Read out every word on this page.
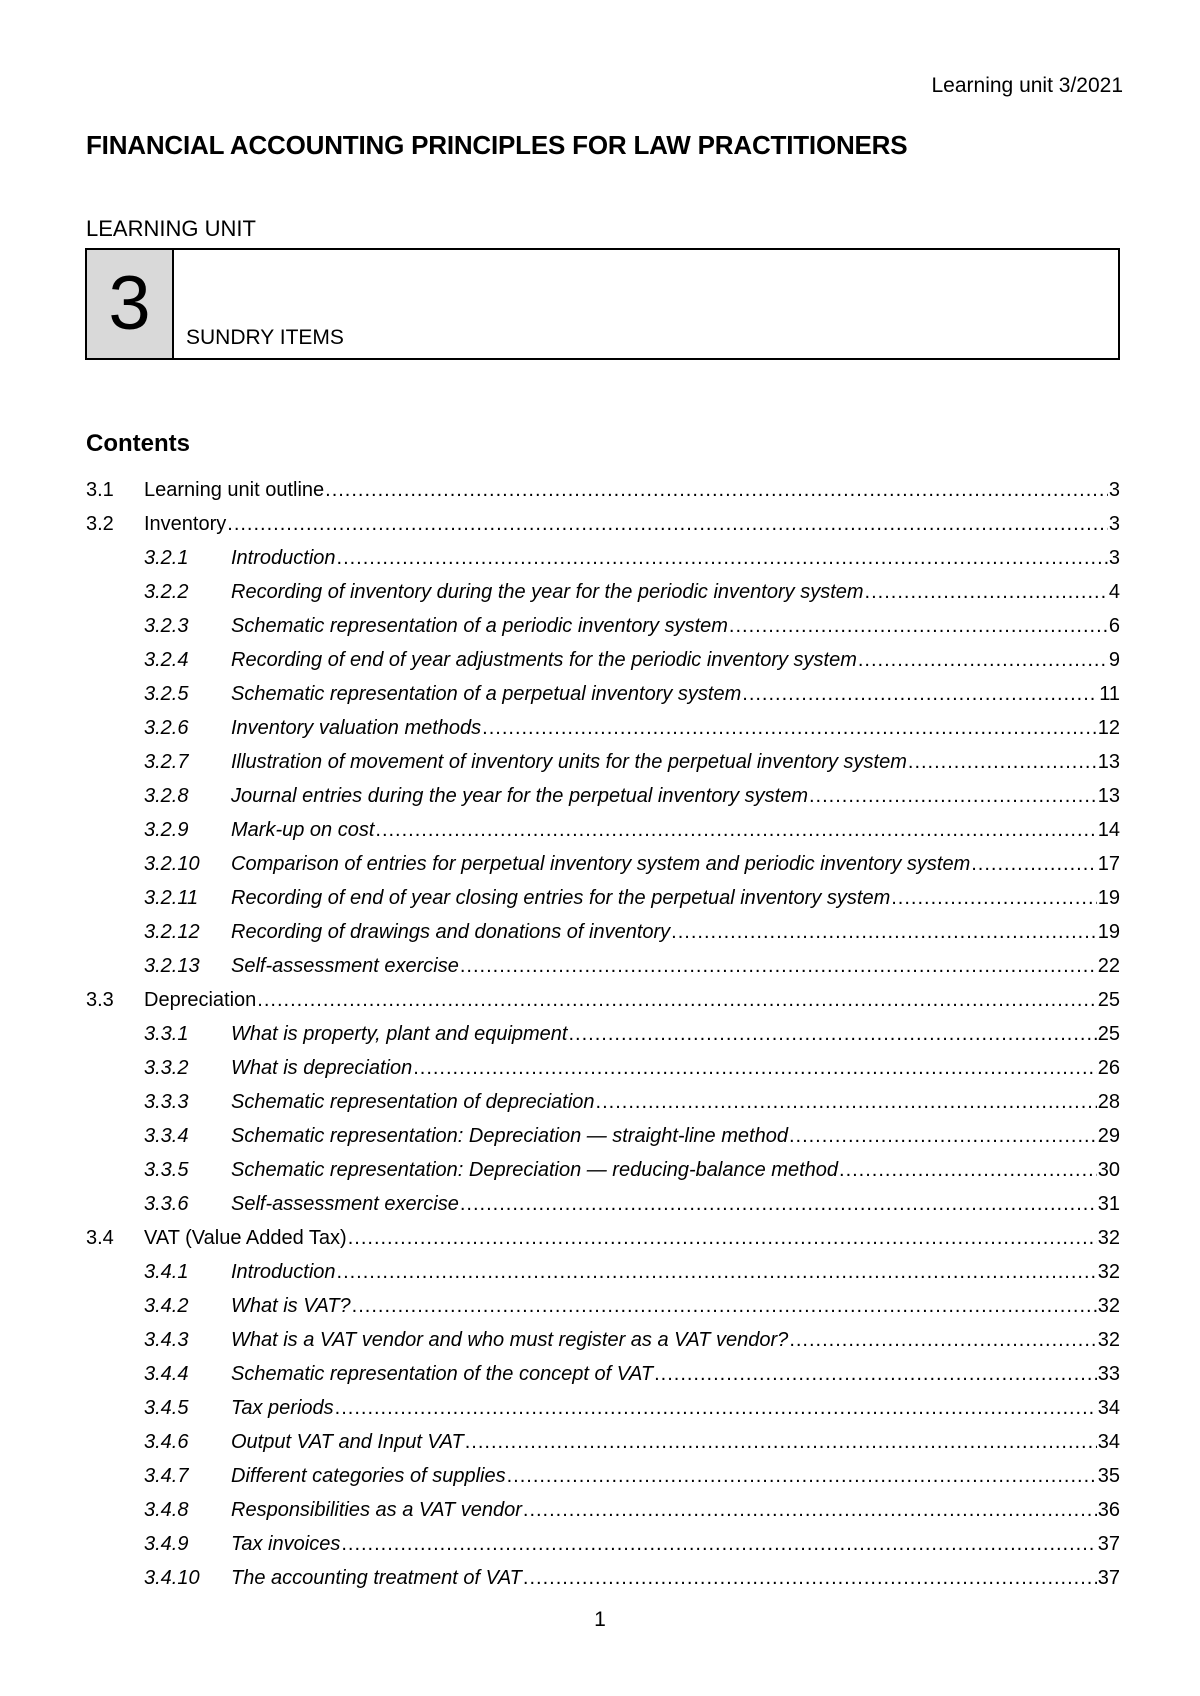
Learning unit 3/2021
FINANCIAL ACCOUNTING PRINCIPLES FOR LAW PRACTITIONERS
LEARNING UNIT
3	SUNDRY ITEMS
Contents
3.1 Learning unit outline .....	3
3.2 Inventory .....	3
3.2.1 Introduction .....	3
3.2.2 Recording of inventory during the year for the periodic inventory system .....	4
3.2.3 Schematic representation of a periodic inventory system .....	6
3.2.4 Recording of end of year adjustments for the periodic inventory system .....	9
3.2.5 Schematic representation of a perpetual inventory system .....	11
3.2.6 Inventory valuation methods .....	12
3.2.7 Illustration of movement of inventory units for the perpetual inventory system .....	13
3.2.8 Journal entries during the year for the perpetual inventory system .....	13
3.2.9 Mark-up on cost .....	14
3.2.10 Comparison of entries for perpetual inventory system and periodic inventory system .....	17
3.2.11 Recording of end of year closing entries for the perpetual inventory system .....	19
3.2.12 Recording of drawings and donations of inventory .....	19
3.2.13 Self-assessment exercise .....	22
3.3 Depreciation .....	25
3.3.1 What is property, plant and equipment .....	25
3.3.2 What is depreciation .....	26
3.3.3 Schematic representation of depreciation .....	28
3.3.4 Schematic representation: Depreciation — straight-line method .....	29
3.3.5 Schematic representation: Depreciation — reducing-balance method .....	30
3.3.6 Self-assessment exercise .....	31
3.4 VAT (Value Added Tax) .....	32
3.4.1 Introduction .....	32
3.4.2 What is VAT? .....	32
3.4.3 What is a VAT vendor and who must register as a VAT vendor? .....	32
3.4.4 Schematic representation of the concept of VAT .....	33
3.4.5 Tax periods .....	34
3.4.6 Output VAT and Input VAT .....	34
3.4.7 Different categories of supplies .....	35
3.4.8 Responsibilities as a VAT vendor .....	36
3.4.9 Tax invoices .....	37
3.4.10 The accounting treatment of VAT .....	37
1
